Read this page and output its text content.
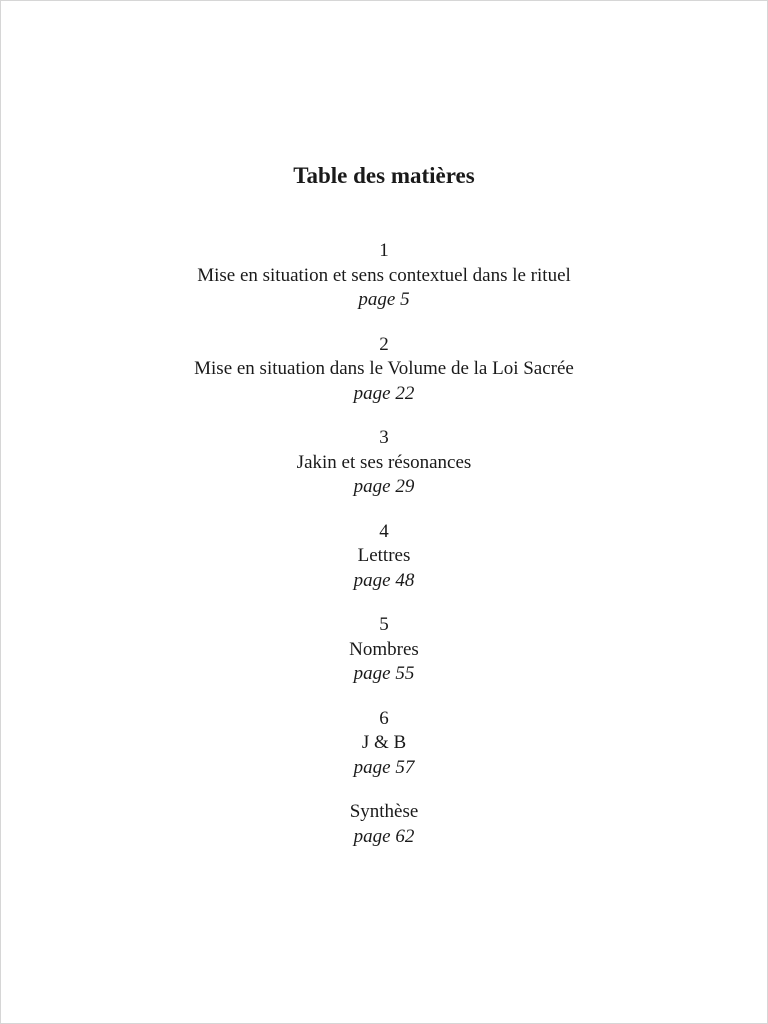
Table des matières
1
Mise en situation et sens contextuel dans le rituel
page 5
2
Mise en situation dans le Volume de la Loi Sacrée
page 22
3
Jakin et ses résonances
page 29
4
Lettres
page 48
5
Nombres
page 55
6
J & B
page 57
Synthèse
page 62
